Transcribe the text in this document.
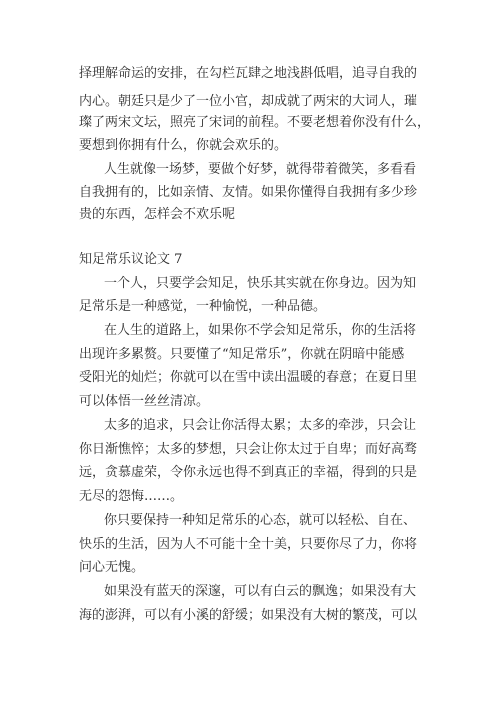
择理解命运的安排，在勾栏瓦肆之地浅斟低唱，追寻自我的
内心。朝廷只是少了一位小官，却成就了两宋的大词人，璀
璨了两宋文坛，照亮了宋词的前程。不要老想着你没有什么，
要想到你拥有什么，你就会欢乐的。
人生就像一场梦，要做个好梦，就得带着微笑，多看看
自我拥有的，比如亲情、友情。如果你懂得自我拥有多少珍
贵的东西，怎样会不欢乐呢
知足常乐议论文 7
一个人，只要学会知足，快乐其实就在你身边。因为知
足常乐是一种感觉，一种愉悦，一种品德。
在人生的道路上，如果你不学会知足常乐，你的生活将
出现许多累赘。只要懂了“知足常乐”，你就在阴暗中能感
受阳光的灿烂；你就可以在雪中读出温暖的春意；在夏日里
可以体悟一丝丝清凉。
太多的追求，只会让你活得太累；太多的牵涉，只会让
你日渐憔悴；太多的梦想，只会让你太过于自卑；而好高骛
远，贪慕虚荣，令你永远也得不到真正的幸福，得到的只是
无尽的怨悔……。
你只要保持一种知足常乐的心态，就可以轻松、自在、
快乐的生活，因为人不可能十全十美，只要你尽了力，你将
问心无愧。
如果没有蓝天的深邃，可以有白云的飘逸；如果没有大
海的澎湃，可以有小溪的舒缓；如果没有大树的繁茂，可以
